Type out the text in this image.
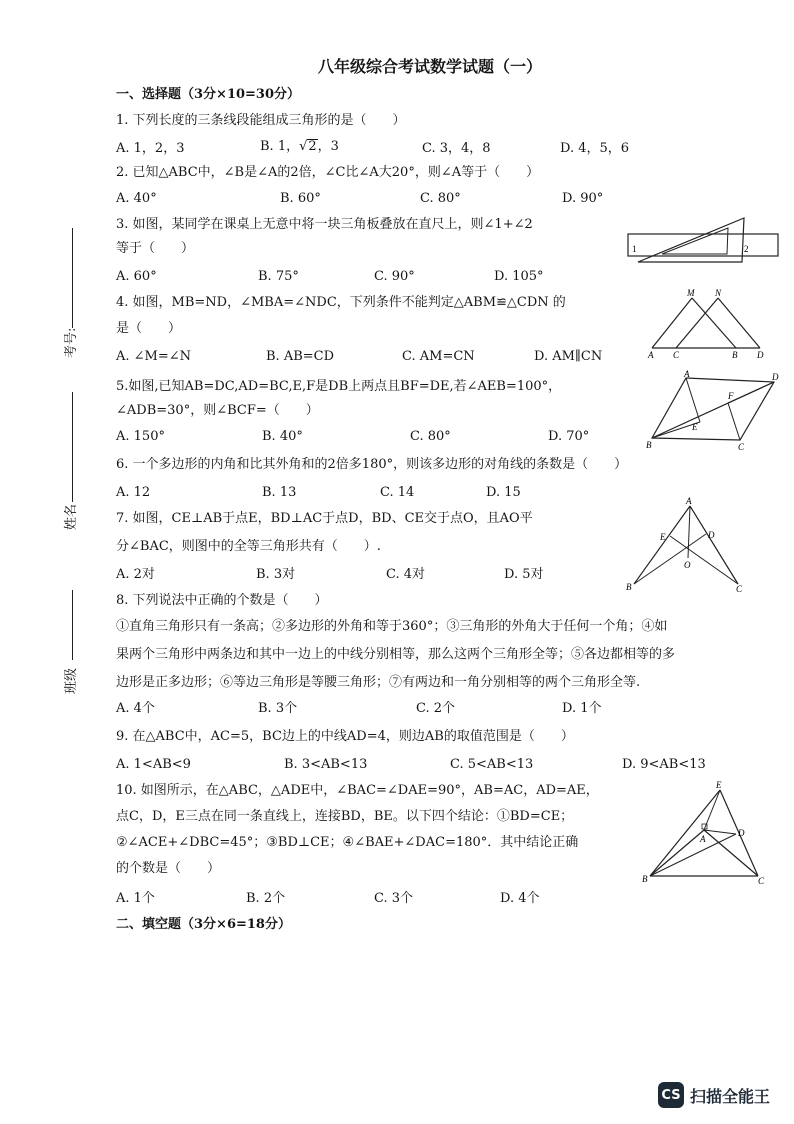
考号:
姓名
班级
八年级综合考试数学试题（一）
一、选择题（3分×10=30分）
1. 下列长度的三条线段能组成三角形的是（　　）
A. 1，2，3	B. 1，√2，3	C. 3，4，8	D. 4，5，6
2. 已知△ABC中，∠B是∠A的2倍，∠C比∠A大20°，则∠A等于（　　）
A. 40°	B. 60°	C. 80°	D. 90°
3. 如图，某同学在课桌上无意中将一块三角板叠放在直尺上，则∠1+∠2
等于（　　）
A. 60°	B. 75°	C. 90°	D. 105°
4. 如图，MB=ND，∠MBA=∠NDC，下列条件不能判定△ABM≌△CDN 的
是（　　）
A. ∠M=∠N	B. AB=CD	C. AM=CN	D. AM∥CN
5.如图,已知AB=DC,AD=BC,E,F是DB上两点且BF=DE,若∠AEB=100°，
∠ADB=30°，则∠BCF=（　　）
A. 150°	B. 40°	C. 80°	D. 70°
6. 一个多边形的内角和比其外角和的2倍多180°，则该多边形的对角线的条数是（　　）
A. 12	B. 13	C. 14	D. 15
7. 如图，CE⊥AB于点E，BD⊥AC于点D，BD、CE交于点O，且AO平
分∠BAC，则图中的全等三角形共有（　　）.
A. 2对	B. 3对	C. 4对	D. 5对
8. 下列说法中正确的个数是（　　）
①直角三角形只有一条高；②多边形的外角和等于360°；③三角形的外角大于任何一个角；④如
果两个三角形中两条边和其中一边上的中线分别相等，那么这两个三角形全等；⑤各边都相等的多
边形是正多边形；⑥等边三角形是等腰三角形；⑦有两边和一角分别相等的两个三角形全等.
A. 4个	B. 3个	C. 2个	D. 1个
9. 在△ABC中，AC=5，BC边上的中线AD=4，则边AB的取值范围是（　　）
A. 1<AB<9	B. 3<AB<13	C. 5<AB<13	D. 9<AB<13
10. 如图所示，在△ABC，△ADE中，∠BAC=∠DAE=90°，AB=AC，AD=AE，
点C，D，E三点在同一条直线上，连接BD，BE。以下四个结论：①BD=CE；
②∠ACE+∠DBC=45°；③BD⊥CE；④∠BAE+∠DAC=180°．其中结论正确
的个数是（　　）
A. 1个	B. 2个	C. 3个	D. 4个
二、填空题（3分×6=18分）
1	2
M N
A C	B D
A	D
F
E
B	C
A
E	D
O
B	C
E
D
A
B	C
CS 扫描全能王
